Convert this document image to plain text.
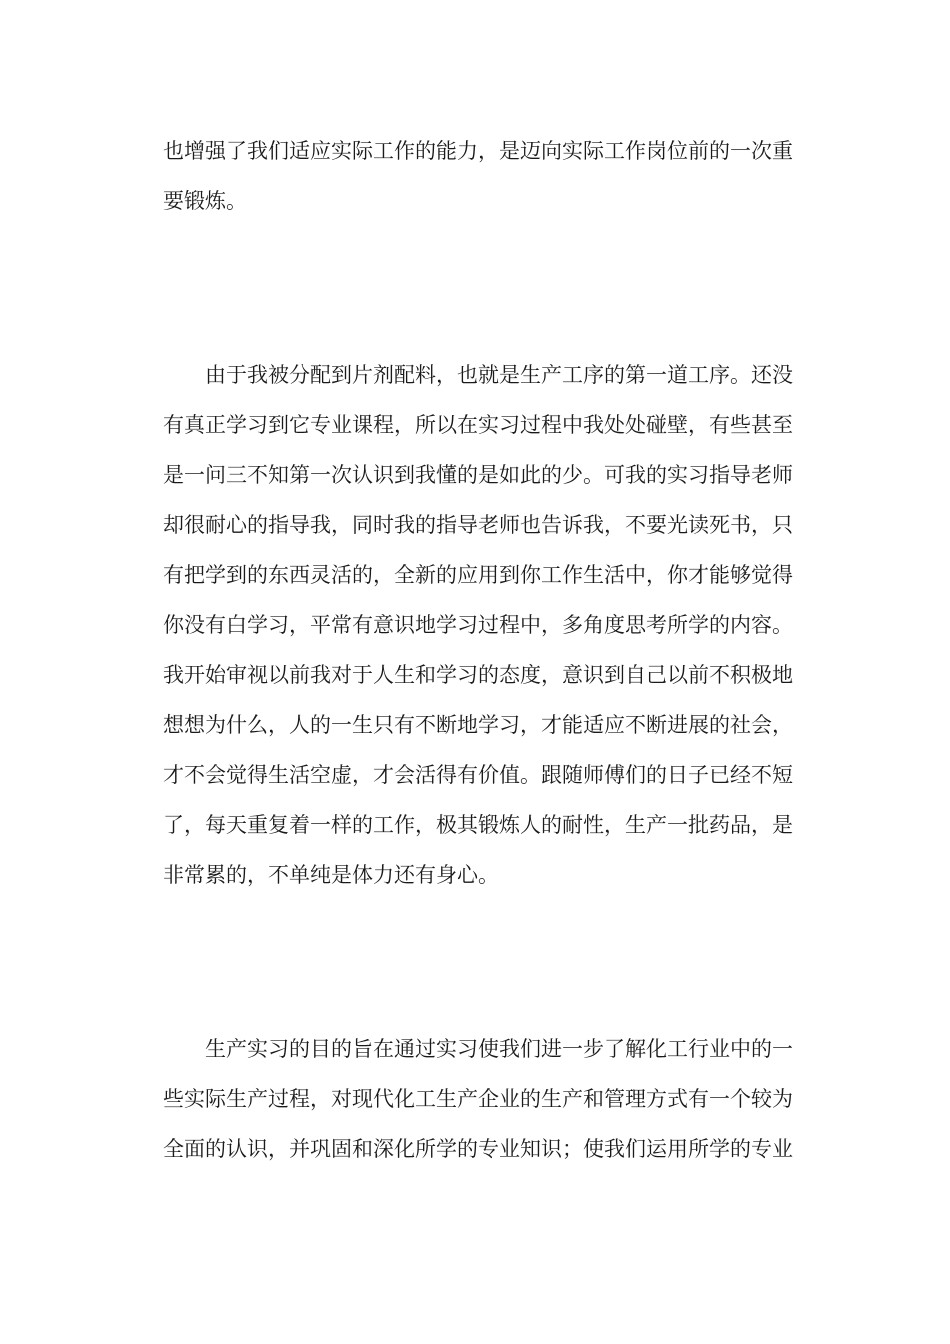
也增强了我们适应实际工作的能力，是迈向实际工作岗位前的一次重
要锻炼。
由于我被分配到片剂配料，也就是生产工序的第一道工序。还没
有真正学习到它专业课程，所以在实习过程中我处处碰壁，有些甚至
是一问三不知第一次认识到我懂的是如此的少。可我的实习指导老师
却很耐心的指导我，同时我的指导老师也告诉我，不要光读死书，只
有把学到的东西灵活的，全新的应用到你工作生活中，你才能够觉得
你没有白学习，平常有意识地学习过程中，多角度思考所学的内容。
我开始审视以前我对于人生和学习的态度，意识到自己以前不积极地
想想为什么，人的一生只有不断地学习，才能适应不断进展的社会，
才不会觉得生活空虚，才会活得有价值。跟随师傅们的日子已经不短
了，每天重复着一样的工作，极其锻炼人的耐性，生产一批药品，是
非常累的，不单纯是体力还有身心。
生产实习的目的旨在通过实习使我们进一步了解化工行业中的一
些实际生产过程，对现代化工生产企业的生产和管理方式有一个较为
全面的认识，并巩固和深化所学的专业知识；使我们运用所学的专业
